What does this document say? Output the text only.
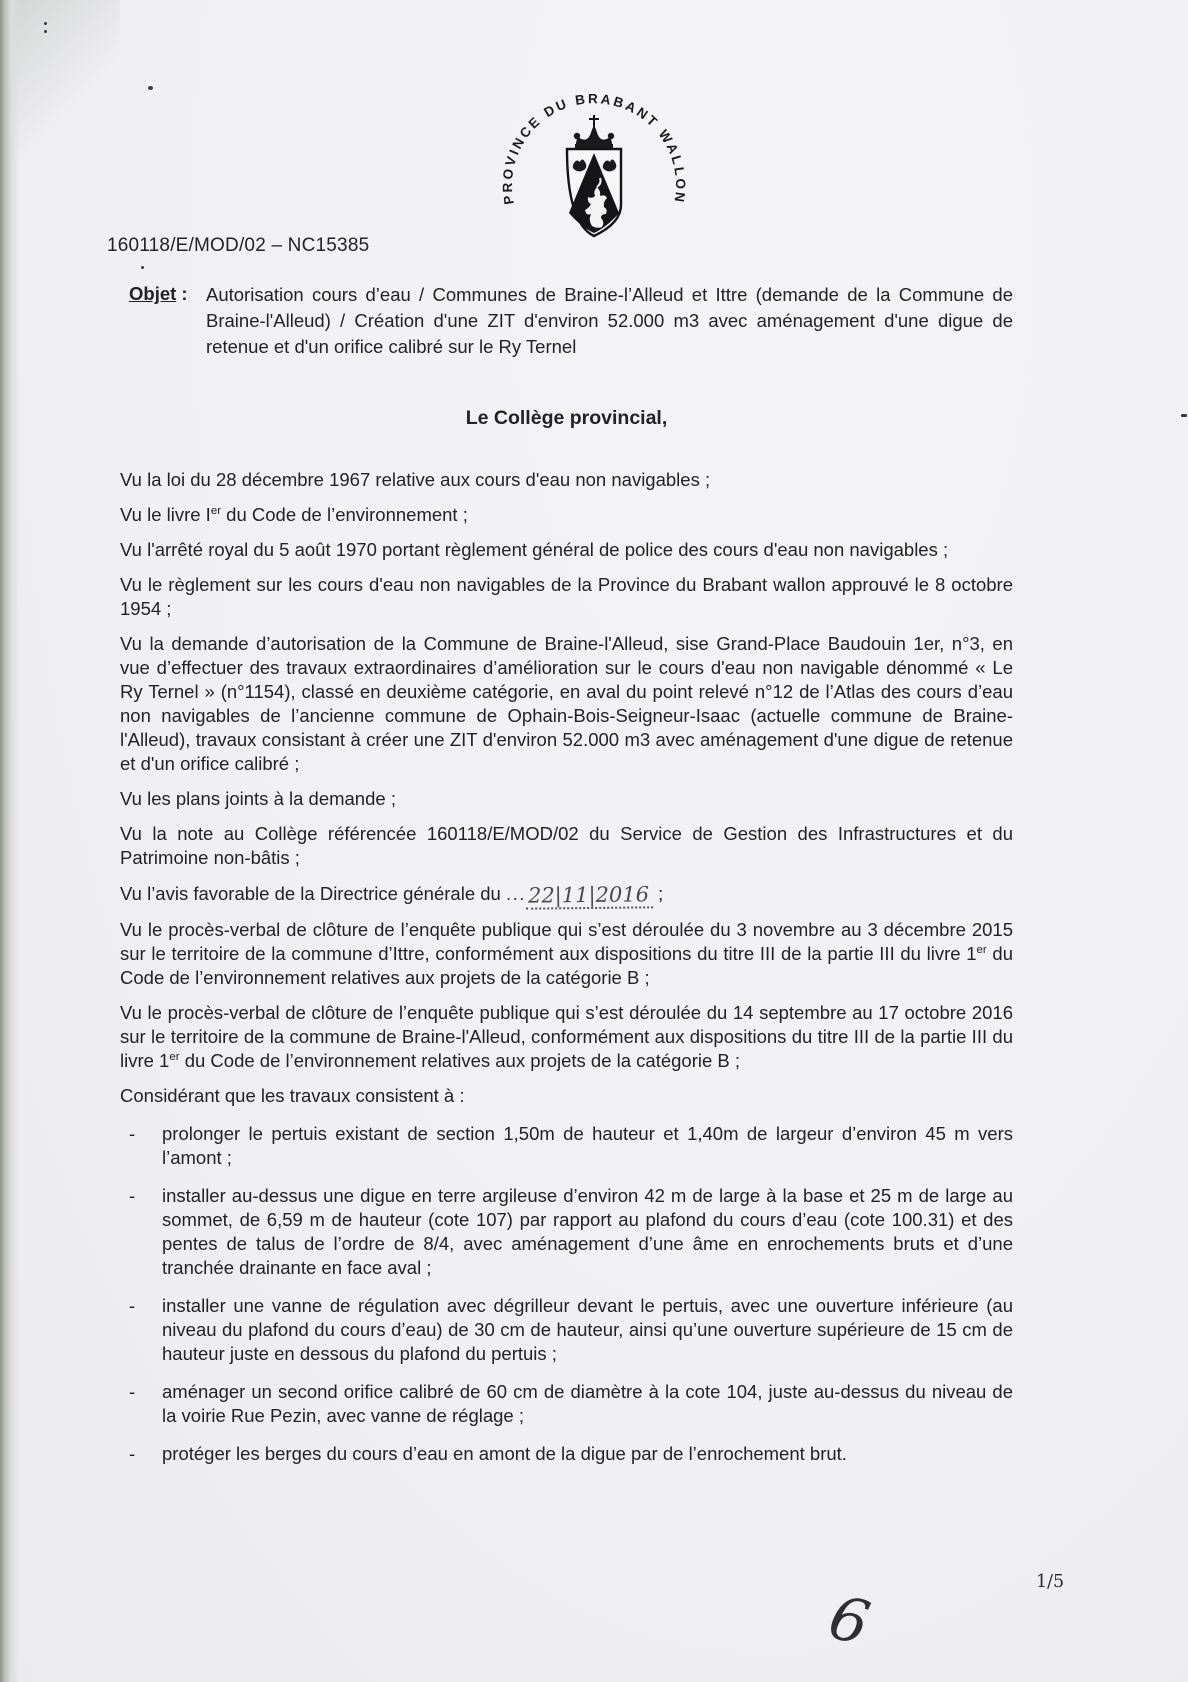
PROVINCE DU BRABANT WALLON
160118/E/MOD/02 – NC15385
Objet : Autorisation cours d’eau / Communes de Braine-l’Alleud et Ittre (demande de la Commune de Braine-l'Alleud) / Création d'une ZIT d'environ 52.000 m3 avec aménagement d'une digue de retenue et d'un orifice calibré sur le Ry Ternel
Le Collège provincial,

Vu la loi du 28 décembre 1967 relative aux cours d'eau non navigables ;

Vu le livre Ier du Code de l’environnement ;

Vu l'arrêté royal du 5 août 1970 portant règlement général de police des cours d'eau non navigables ;

Vu le règlement sur les cours d'eau non navigables de la Province du Brabant wallon approuvé le 8 octobre 1954 ;

Vu la demande d’autorisation de la Commune de Braine-l'Alleud, sise Grand-Place Baudouin 1er, n°3, en vue d’effectuer des travaux extraordinaires d’amélioration sur le cours d'eau non navigable dénommé « Le Ry Ternel » (n°1154), classé en deuxième catégorie, en aval du point relevé n°12 de l’Atlas des cours d’eau non navigables de l’ancienne commune de Ophain-Bois-Seigneur-Isaac (actuelle commune de Braine-l'Alleud), travaux consistant à créer une ZIT d'environ 52.000 m3 avec aménagement d'une digue de retenue et d'un orifice calibré ;

Vu les plans joints à la demande ;

Vu la note au Collège référencée 160118/E/MOD/02 du Service de Gestion des Infrastructures et du Patrimoine non-bâtis ;

Vu l’avis favorable de la Directrice générale du ...22|11|2016 ;

Vu le procès-verbal de clôture de l’enquête publique qui s’est déroulée du 3 novembre au 3 décembre 2015 sur le territoire de la commune d’Ittre, conformément aux dispositions du titre III de la partie III du livre 1er du Code de l’environnement relatives aux projets de la catégorie B ;

Vu le procès-verbal de clôture de l’enquête publique qui s’est déroulée du 14 septembre au 17 octobre 2016 sur le territoire de la commune de Braine-l'Alleud, conformément aux dispositions du titre III de la partie III du livre 1er du Code de l’environnement relatives aux projets de la catégorie B ;

Considérant que les travaux consistent à :

-	prolonger le pertuis existant de section 1,50m de hauteur et 1,40m de largeur d’environ 45 m vers l’amont ;
-	installer au-dessus une digue en terre argileuse d’environ 42 m de large à la base et 25 m de large au sommet, de 6,59 m de hauteur (cote 107) par rapport au plafond du cours d’eau (cote 100.31) et des pentes de talus de l’ordre de 8/4, avec aménagement d’une âme en enrochements bruts et d’une tranchée drainante en face aval ;
-	installer une vanne de régulation avec dégrilleur devant le pertuis, avec une ouverture inférieure (au niveau du plafond du cours d’eau) de 30 cm de hauteur, ainsi qu’une ouverture supérieure de 15 cm de hauteur juste en dessous du plafond du pertuis ;
-	aménager un second orifice calibré de 60 cm de diamètre à la cote 104, juste au-dessus du niveau de la voirie Rue Pezin, avec vanne de réglage ;
-	protéger les berges du cours d’eau en amont de la digue par de l’enrochement brut.
1/5
6
